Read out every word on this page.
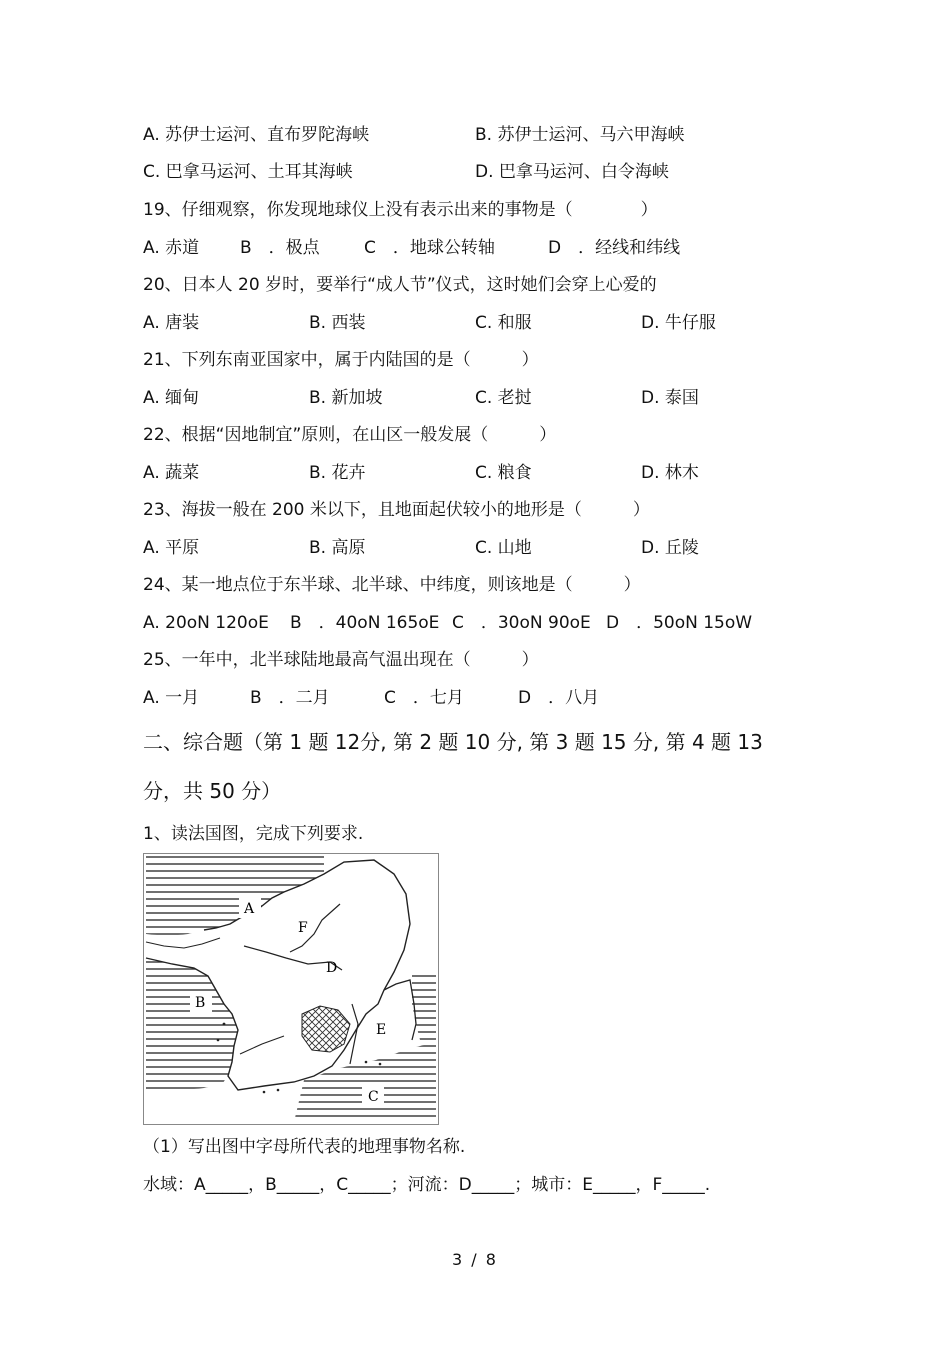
A. 苏伊士运河、直布罗陀海峡	B. 苏伊士运河、马六甲海峡
C. 巴拿马运河、土耳其海峡	D. 巴拿马运河、白令海峡
19、仔细观察，你发现地球仪上没有表示出来的事物是（　　　　）
A. 赤道 B　．极点	C　．地球公转轴	D　．经线和纬线
20、日本人 20 岁时，要举行“成人节”仪式，这时她们会穿上心爱的
A. 唐装	B. 西装	C. 和服	D. 牛仔服
21、下列东南亚国家中，属于内陆国的是（　　　）
A. 缅甸	B. 新加坡	C. 老挝	D. 泰国
22、根据“因地制宜”原则，在山区一般发展（　　　）
A. 蔬菜	B. 花卉	C. 粮食	D. 林木
23、海拔一般在 200 米以下，且地面起伏较小的地形是（　　　）
A. 平原	B. 高原	C. 山地	D. 丘陵
24、某一地点位于东半球、北半球、中纬度，则该地是（　　　）
A. 20oN 120oE B　．40oN 165oE C　．30oN 90oE D　．50oN 15oW
25、一年中，北半球陆地最高气温出现在（　　　）
A. 一月	B　．二月	C　．七月	D　．八月
二、综合题（第 1 题 12分, 第 2 题 10 分, 第 3 题 15 分, 第 4 题 13
分，共 50 分）
1、读法国图，完成下列要求.
A
B
C
D
E
F
（1）写出图中字母所代表的地理事物名称.
水域：A_____，B_____，C_____；河流：D_____；城市：E_____，F_____.
3 / 8
